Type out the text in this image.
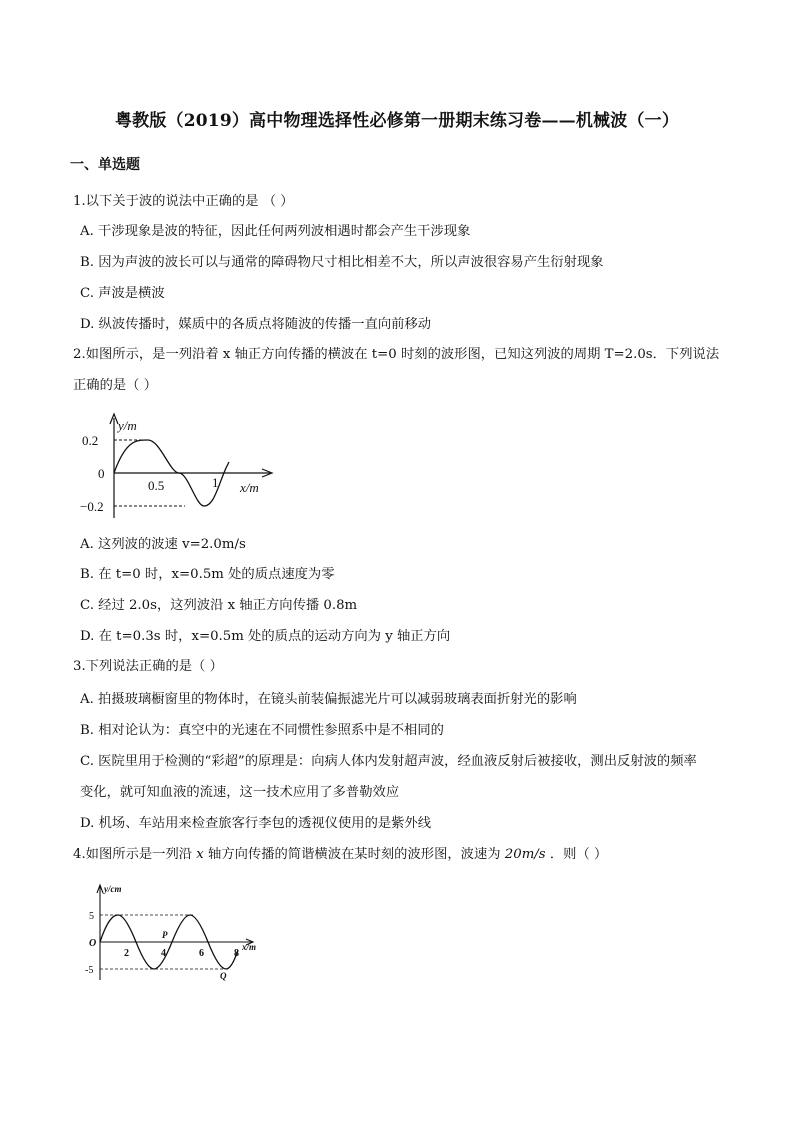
粤教版（2019）高中物理选择性必修第一册期末练习卷——机械波（一）
一、单选题
1.以下关于波的说法中正确的是 （ ）
A. 干涉现象是波的特征，因此任何两列波相遇时都会产生干涉现象
B. 因为声波的波长可以与通常的障碍物尺寸相比相差不大，所以声波很容易产生衍射现象
C. 声波是横波
D. 纵波传播时，媒质中的各质点将随波的传播一直向前移动
2.如图所示，是一列沿着 x 轴正方向传播的横波在 t=0 时刻的波形图，已知这列波的周期 T=2.0s．下列说法
正确的是（ ）
y/m
0.2
0
−0.2
0.5	1 x/m
A. 这列波的波速 v=2.0m/s
B. 在 t=0 时，x=0.5m 处的质点速度为零
C. 经过 2.0s，这列波沿 x 轴正方向传播 0.8m
D. 在 t=0.3s 时，x=0.5m 处的质点的运动方向为 y 轴正方向
3.下列说法正确的是（ ）
A. 拍摄玻璃橱窗里的物体时，在镜头前装偏振滤光片可以减弱玻璃表面折射光的影响
B. 相对论认为：真空中的光速在不同惯性参照系中是不相同的
C. 医院里用于检测的“彩超”的原理是：向病人体内发射超声波，经血液反射后被接收，测出反射波的频率
变化，就可知血液的流速，这一技术应用了多普勒效应
D. 机场、车站用来检查旅客行李包的透视仪使用的是紫外线
4.如图所示是一列沿 x 轴方向传播的简谐横波在某时刻的波形图，波速为 20m/s ．则（ ）
y/cm
5
O
-5
2	4	6	8
x/m
P
Q
